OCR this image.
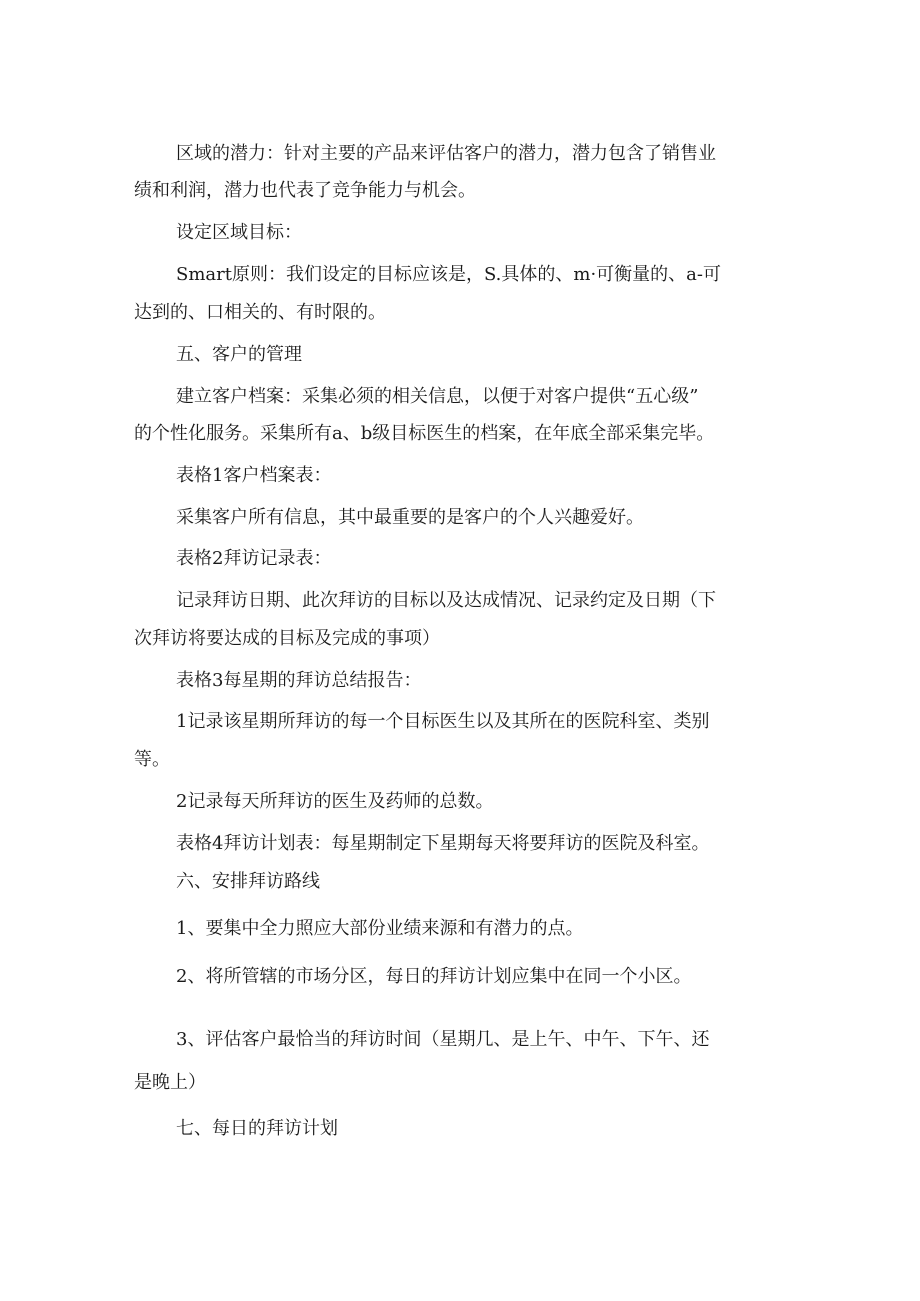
区域的潜力：针对主要的产品来评估客户的潜力，潜力包含了销售业
绩和利润，潜力也代表了竞争能力与机会。
设定区域目标：
Smart原则：我们设定的目标应该是，S.具体的、m·可衡量的、a-可
达到的、口相关的、有时限的。
五、客户的管理
建立客户档案：采集必须的相关信息，以便于对客户提供“五心级”
的个性化服务。采集所有a、b级目标医生的档案，在年底全部采集完毕。
表格1客户档案表：
采集客户所有信息，其中最重要的是客户的个人兴趣爱好。
表格2拜访记录表：
记录拜访日期、此次拜访的目标以及达成情况、记录约定及日期（下
次拜访将要达成的目标及完成的事项）
表格3每星期的拜访总结报告：
1记录该星期所拜访的每一个目标医生以及其所在的医院科室、类别
等。
2记录每天所拜访的医生及药师的总数。
表格4拜访计划表：每星期制定下星期每天将要拜访的医院及科室。
六、安排拜访路线
1、要集中全力照应大部份业绩来源和有潜力的点。
2、将所管辖的市场分区，每日的拜访计划应集中在同一个小区。
3、评估客户最恰当的拜访时间（星期几、是上午、中午、下午、还
是晚上）
七、每日的拜访计划
